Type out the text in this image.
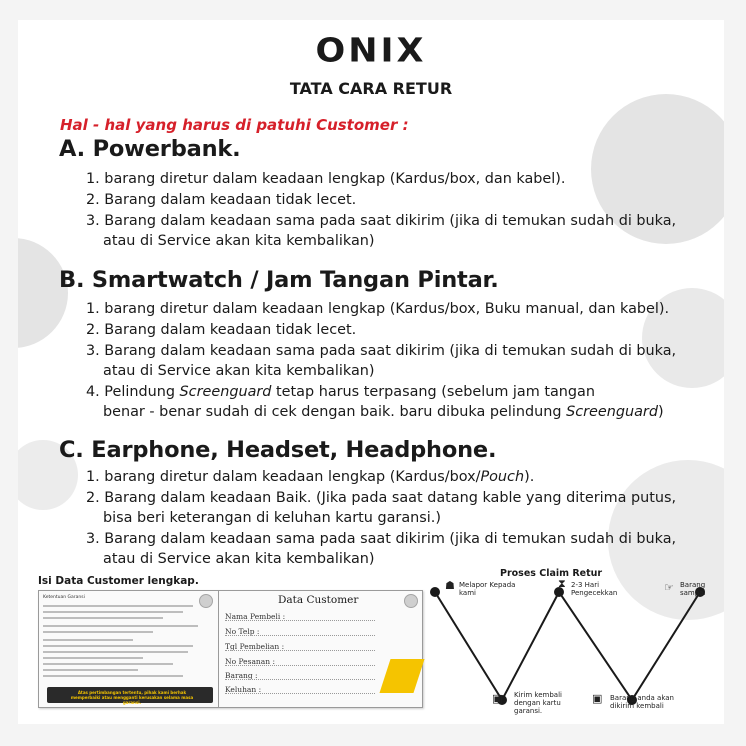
ONIX
TATA CARA RETUR
Hal - hal yang harus di patuhi Customer :
A. Powerbank.
1. barang diretur dalam keadaan lengkap (Kardus/box, dan kabel).
2. Barang dalam keadaan tidak lecet.
3. Barang dalam keadaan sama pada saat dikirim (jika di temukan sudah di buka,
atau di Service akan kita kembalikan)
B. Smartwatch / Jam Tangan Pintar.
1. barang diretur dalam keadaan lengkap (Kardus/box, Buku manual, dan kabel).
2. Barang dalam keadaan tidak lecet.
3. Barang dalam keadaan sama pada saat dikirim (jika di temukan sudah di buka,
atau di Service akan kita kembalikan)
4. Pelindung Screenguard tetap harus terpasang (sebelum jam tangan
benar - benar sudah di cek dengan baik. baru dibuka pelindung Screenguard)
C. Earphone, Headset, Headphone.
1. barang diretur dalam keadaan lengkap (Kardus/box/Pouch).
2. Barang dalam keadaan Baik. (Jika pada saat datang kable yang diterima putus,
bisa beri keterangan di keluhan kartu garansi.)
3. Barang dalam keadaan sama pada saat dikirim (jika di temukan sudah di buka,
atau di Service akan kita kembalikan)
Isi Data Customer lengkap.
Ketentuan Garansi
Atas pertimbangan tertentu, pihak kami berhak memperbaiki atau mengganti kerusakan selama masa garansi.
Data Customer
Nama Pembeli :
No Telp :
Tgl Pembelian :
No Pesanan :
Barang :
Keluhan :
Proses Claim Retur
☗ Melapor Kepada
kami
⧗ 2-3 Hari
Pengecekkan	☞ Barang
sampai
▣ Kirim kembali
dengan kartu
garansi.
▣ Barang anda akan
dikirim kembali
